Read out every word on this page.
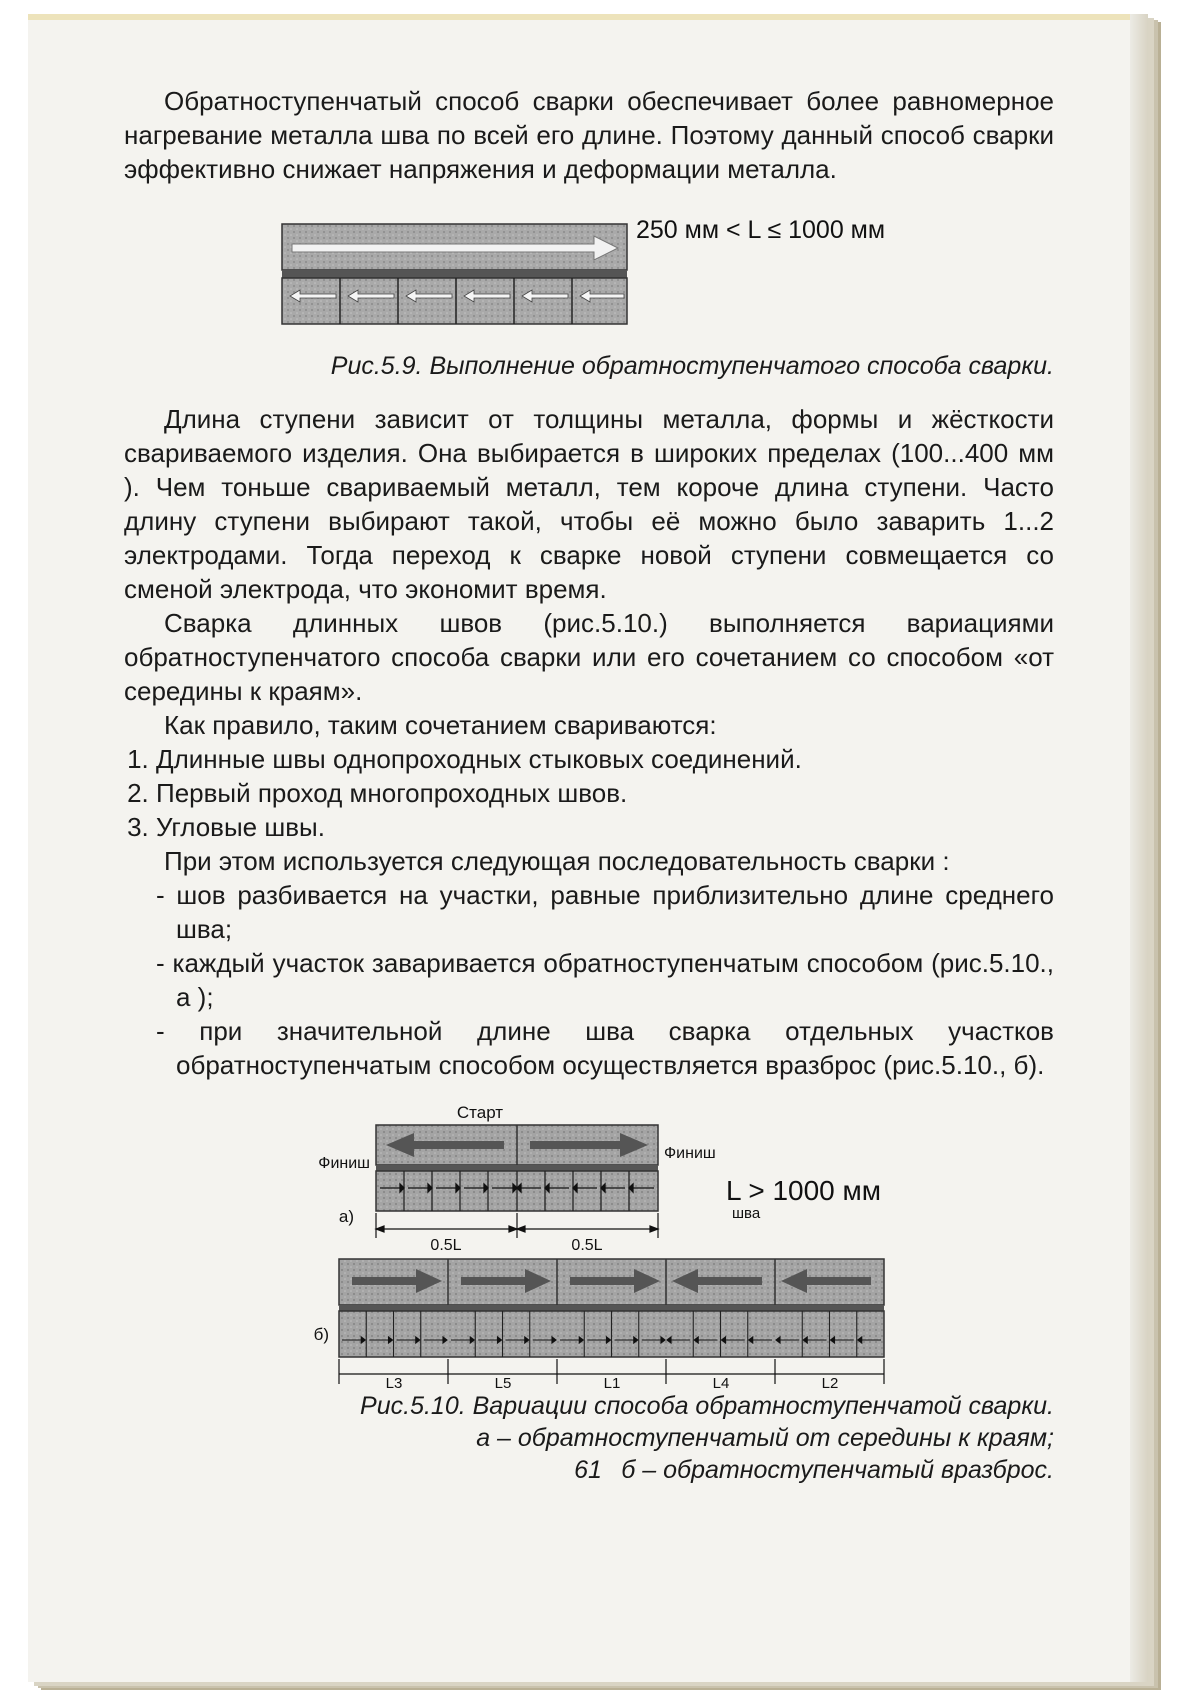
Обратноступенчатый способ сварки обеспечивает более равномерное нагревание металла шва по всей его длине. Поэтому данный способ сварки эффективно снижает напряжения и деформации металла.

250 мм < L ≤ 1000 мм

Рис.5.9. Выполнение обратноступенчатого способа сварки.

Длина ступени зависит от толщины металла, формы и жёсткости свариваемого изделия. Она выбирается в широких пределах (100...400 мм ). Чем тоньше свариваемый металл, тем короче длина ступени. Часто длину ступени выбирают такой, чтобы её можно было заварить 1...2 электродами. Тогда переход к сварке новой ступени совмещается со сменой электрода, что экономит время.

Сварка длинных швов (рис.5.10.) выполняется вариациями обратноступенчатого способа сварки или его сочетанием со способом «от середины к краям».

Как правило, таким сочетанием свариваются:

1. Длинные швы однопроходных стыковых соединений.
2. Первый проход многопроходных швов.
3. Угловые швы.

При этом используется следующая последовательность сварки :

- шов разбивается на участки, равные приблизительно длине среднего шва;
- каждый участок заваривается обратноступенчатым способом (рис.5.10., а );
- при значительной длине шва сварка отдельных участков обратноступенчатым способом осуществляется вразброс (рис.5.10., б).
Старт
Финиш
Финиш
L > 1000 мм
шва
а)
0.5L	0.5L
б)
L3	L5	L1	L4	L2

Рис.5.10. Вариации способа обратноступенчатой сварки.

а – обратноступенчатый от середины к краям;

б – обратноступенчатый вразброс.

61
